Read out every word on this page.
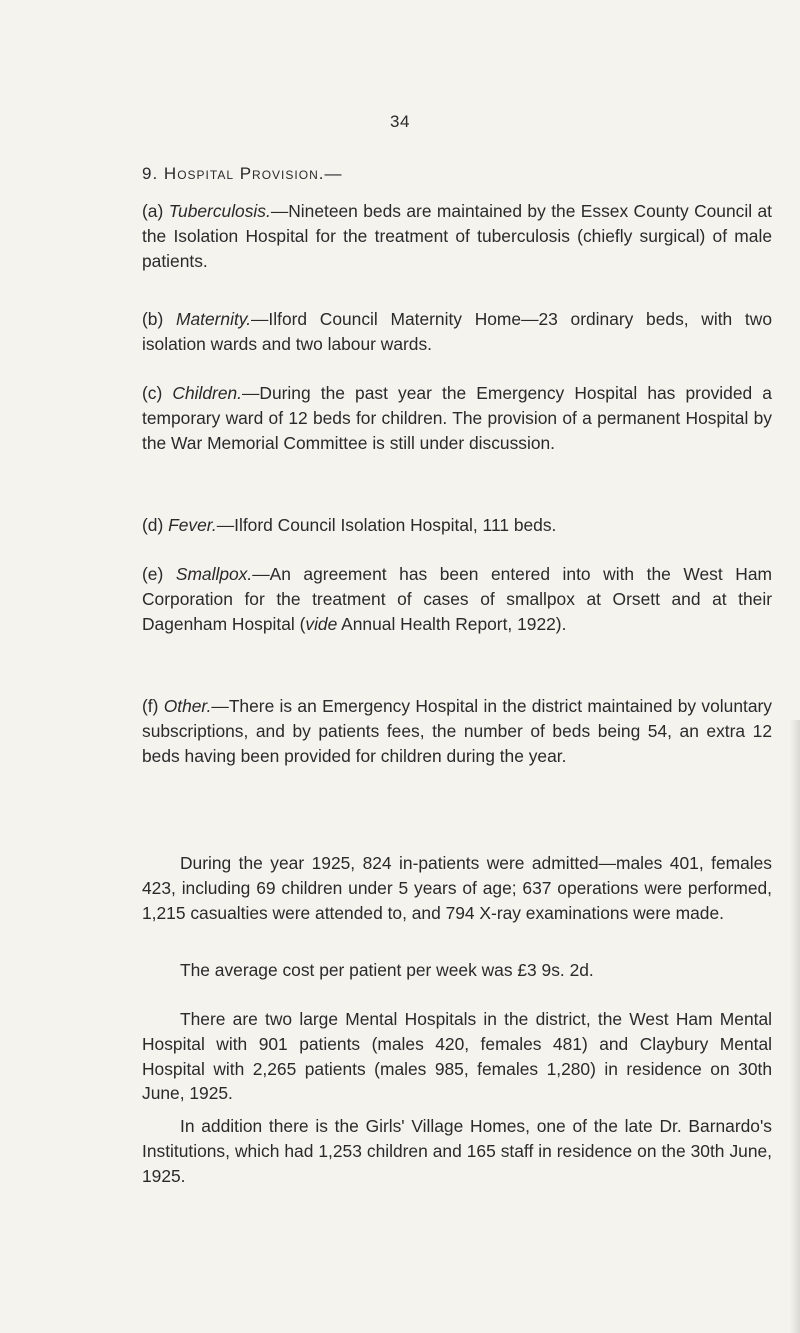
34
9. Hospital Provision.—

(a) Tuberculosis.—Nineteen beds are maintained by the Essex County Council at the Isolation Hospital for the treatment of tuberculosis (chiefly surgical) of male patients.

(b) Maternity.—Ilford Council Maternity Home—23 ordinary beds, with two isolation wards and two labour wards.

(c) Children.—During the past year the Emergency Hospital has provided a temporary ward of 12 beds for children. The provision of a permanent Hospital by the War Memorial Committee is still under discussion.

(d) Fever.—Ilford Council Isolation Hospital, 111 beds.

(e) Smallpox.—An agreement has been entered into with the West Ham Corporation for the treatment of cases of smallpox at Orsett and at their Dagenham Hospital (vide Annual Health Report, 1922).

(f) Other.—There is an Emergency Hospital in the district maintained by voluntary subscriptions, and by patients fees, the number of beds being 54, an extra 12 beds having been provided for children during the year.

During the year 1925, 824 in-patients were admitted—males 401, females 423, including 69 children under 5 years of age; 637 operations were performed, 1,215 casualties were attended to, and 794 X-ray examinations were made.

The average cost per patient per week was £3 9s. 2d.

There are two large Mental Hospitals in the district, the West Ham Mental Hospital with 901 patients (males 420, females 481) and Claybury Mental Hospital with 2,265 patients (males 985, females 1,280) in residence on 30th June, 1925.

In addition there is the Girls' Village Homes, one of the late Dr. Barnardo's Institutions, which had 1,253 children and 165 staff in residence on the 30th June, 1925.
